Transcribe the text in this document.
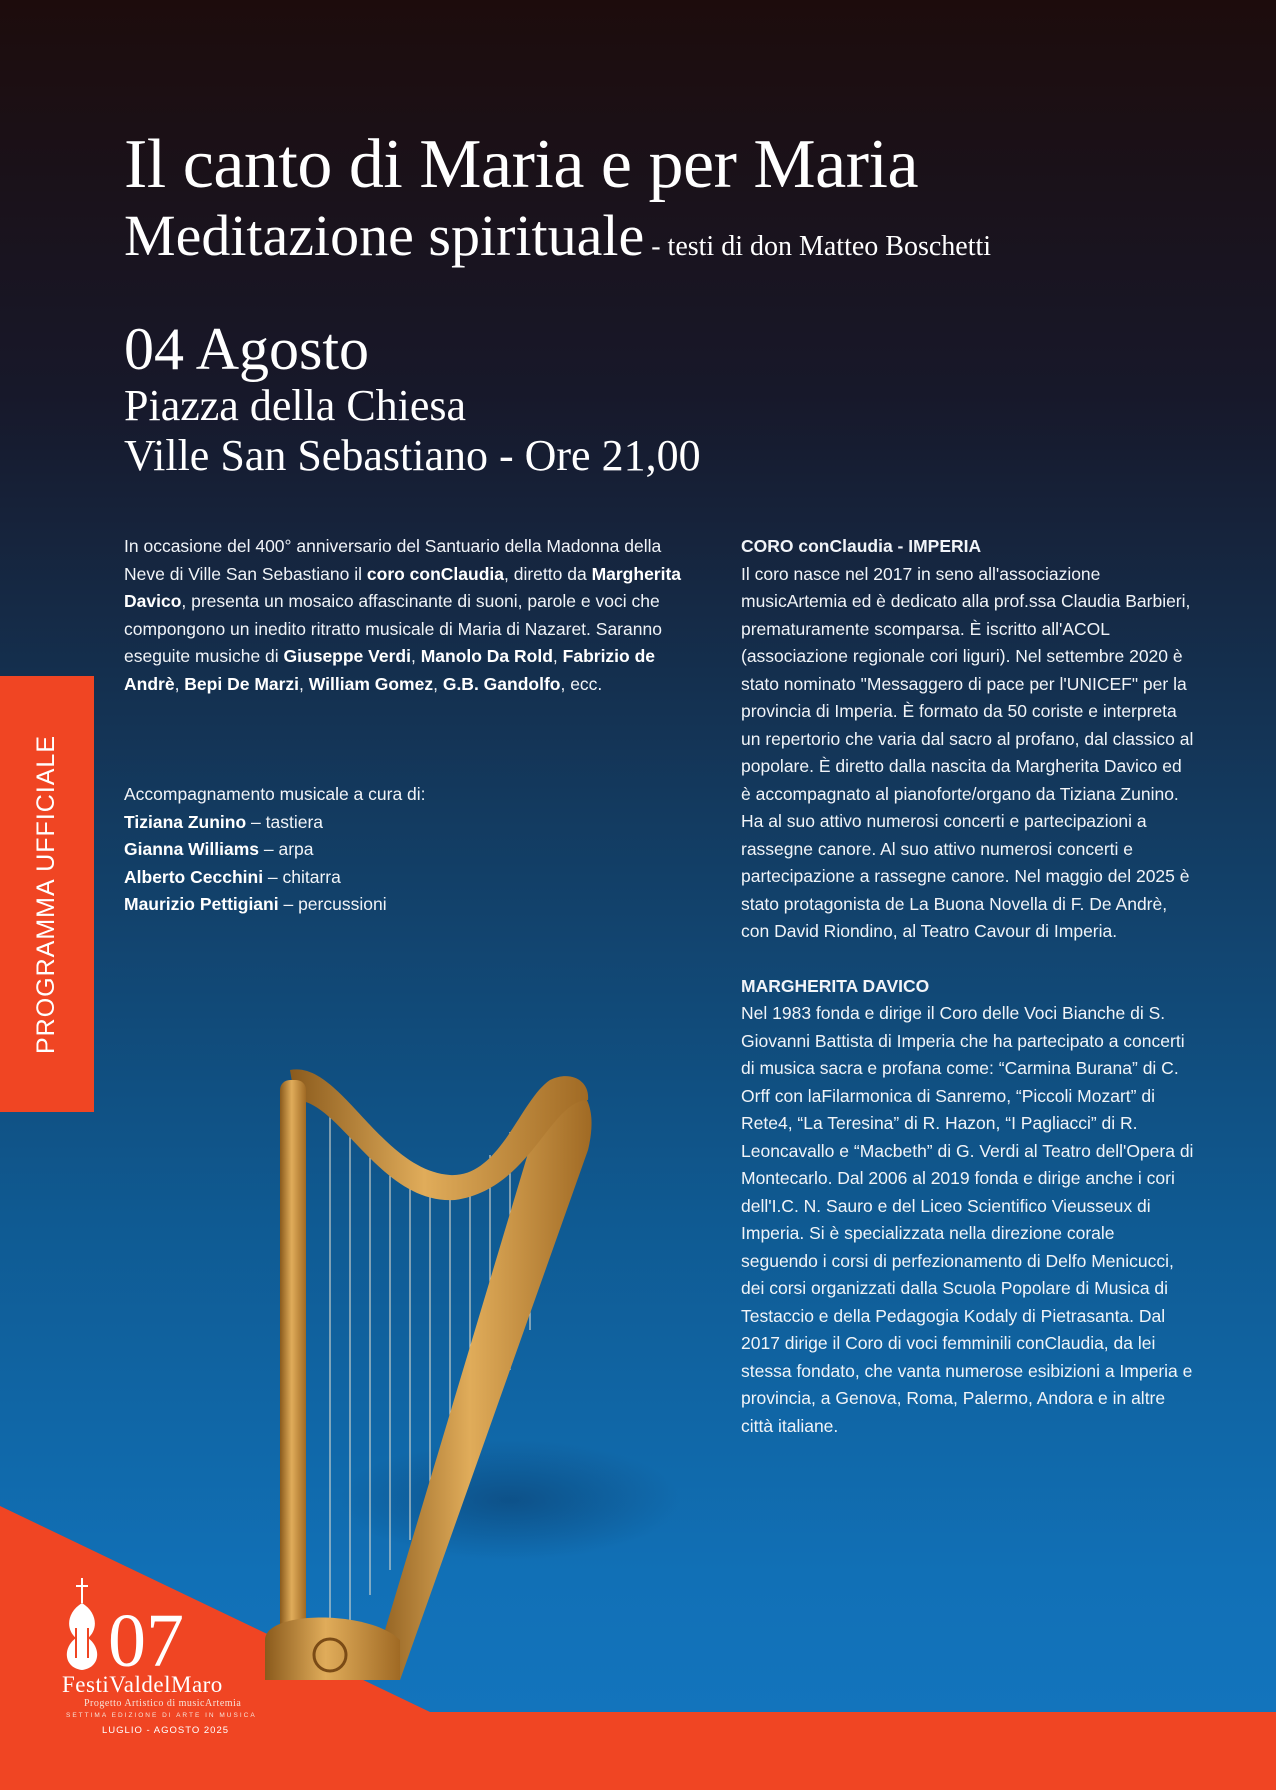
Il canto di Maria e per Maria
Meditazione spirituale - testi di don Matteo Boschetti
04 Agosto
Piazza della Chiesa
Ville San Sebastiano - Ore 21,00
In occasione del 400° anniversario del Santuario della Madonna della Neve di Ville San Sebastiano il coro conClaudia, diretto da Margherita Davico, presenta un mosaico affascinante di suoni, parole e voci che compongono un inedito ritratto musicale di Maria di Nazaret. Saranno eseguite musiche di Giuseppe Verdi, Manolo Da Rold, Fabrizio de Andrè, Bepi De Marzi, William Gomez, G.B. Gandolfo, ecc.
Accompagnamento musicale a cura di:
Tiziana Zunino – tastiera
Gianna Williams – arpa
Alberto Cecchini – chitarra
Maurizio Pettigiani – percussioni
CORO conClaudia - IMPERIA

Il coro nasce nel 2017 in seno all'associazione musicArtemia ed è dedicato alla prof.ssa Claudia Barbieri, prematuramente scomparsa. È iscritto all'ACOL (associazione regionale cori liguri). Nel settembre 2020 è stato nominato "Messaggero di pace per l'UNICEF" per la provincia di Imperia. È formato da 50 coriste e interpreta un repertorio che varia dal sacro al profano, dal classico al popolare. È diretto dalla nascita da Margherita Davico ed è accompagnato al pianoforte/organo da Tiziana Zunino. Ha al suo attivo numerosi concerti e partecipazioni a rassegne canore. Al suo attivo numerosi concerti e partecipazione a rassegne canore. Nel maggio del 2025 è stato protagonista de La Buona Novella di F. De Andrè, con David Riondino, al Teatro Cavour di Imperia.

MARGHERITA DAVICO

Nel 1983 fonda e dirige il Coro delle Voci Bianche di S. Giovanni Battista di Imperia che ha partecipato a concerti di musica sacra e profana come: “Carmina Burana” di C. Orff con laFilarmonica di Sanremo, “Piccoli Mozart” di Rete4, “La Teresina” di R. Hazon, “I Pagliacci” di R. Leoncavallo e “Macbeth” di G. Verdi al Teatro dell'Opera di Montecarlo. Dal 2006 al 2019 fonda e dirige anche i cori dell'I.C. N. Sauro e del Liceo Scientifico Vieusseux di Imperia. Si è specializzata nella direzione corale seguendo i corsi di perfezionamento di Delfo Menicucci, dei corsi organizzati dalla Scuola Popolare di Musica di Testaccio e della Pedagogia Kodaly di Pietrasanta. Dal 2017 dirige il Coro di voci femminili conClaudia, da lei stessa fondato, che vanta numerose esibizioni a Imperia e provincia, a Genova, Roma, Palermo, Andora e in altre città italiane.

PROGRAMMA UFFICIALE
07
FestiValdelMaro
Progetto Artistico di musicArtemia
SETTIMA EDIZIONE DI ARTE IN MUSICA
LUGLIO - AGOSTO 2025
